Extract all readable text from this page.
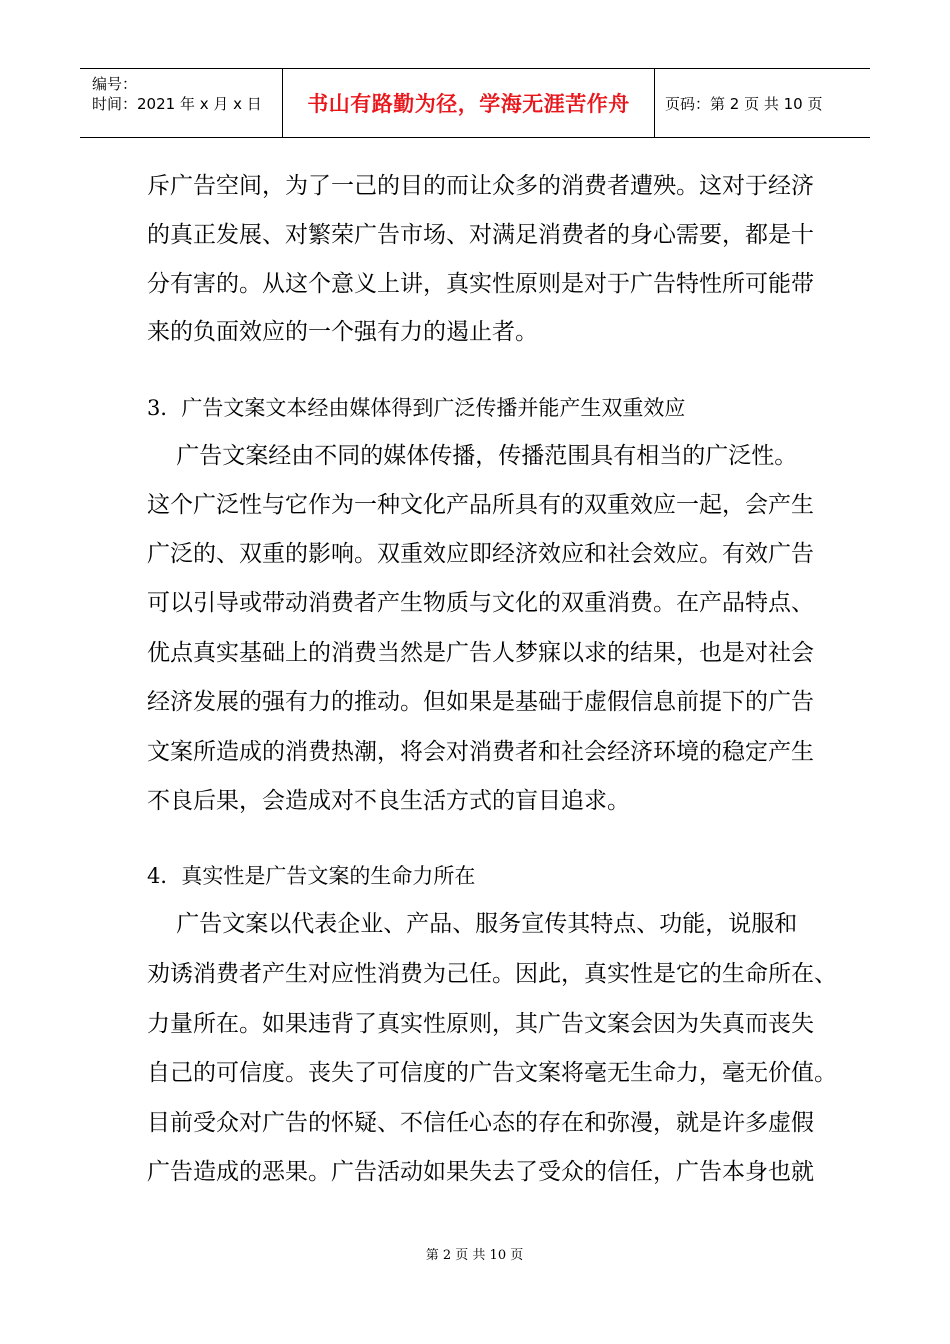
编号：
时间：2021 年 x 月 x 日 书山有路勤为径，学海无涯苦作舟 页码：第 2 页 共 10 页
斥广告空间，为了一己的目的而让众多的消费者遭殃。这对于经济
的真正发展、对繁荣广告市场、对满足消费者的身心需要，都是十
分有害的。从这个意义上讲，真实性原则是对于广告特性所可能带
来的负面效应的一个强有力的遏止者。
3．广告文案文本经由媒体得到广泛传播并能产生双重效应
广告文案经由不同的媒体传播，传播范围具有相当的广泛性。
这个广泛性与它作为一种文化产品所具有的双重效应一起，会产生
广泛的、双重的影响。双重效应即经济效应和社会效应。有效广告
可以引导或带动消费者产生物质与文化的双重消费。在产品特点、
优点真实基础上的消费当然是广告人梦寐以求的结果，也是对社会
经济发展的强有力的推动。但如果是基础于虚假信息前提下的广告
文案所造成的消费热潮，将会对消费者和社会经济环境的稳定产生
不良后果，会造成对不良生活方式的盲目追求。
4．真实性是广告文案的生命力所在
广告文案以代表企业、产品、服务宣传其特点、功能，说服和
劝诱消费者产生对应性消费为己任。因此，真实性是它的生命所在、
力量所在。如果违背了真实性原则，其广告文案会因为失真而丧失
自己的可信度。丧失了可信度的广告文案将毫无生命力，毫无价值。
目前受众对广告的怀疑、不信任心态的存在和弥漫，就是许多虚假
广告造成的恶果。广告活动如果失去了受众的信任，广告本身也就
第 2 页 共 10 页
